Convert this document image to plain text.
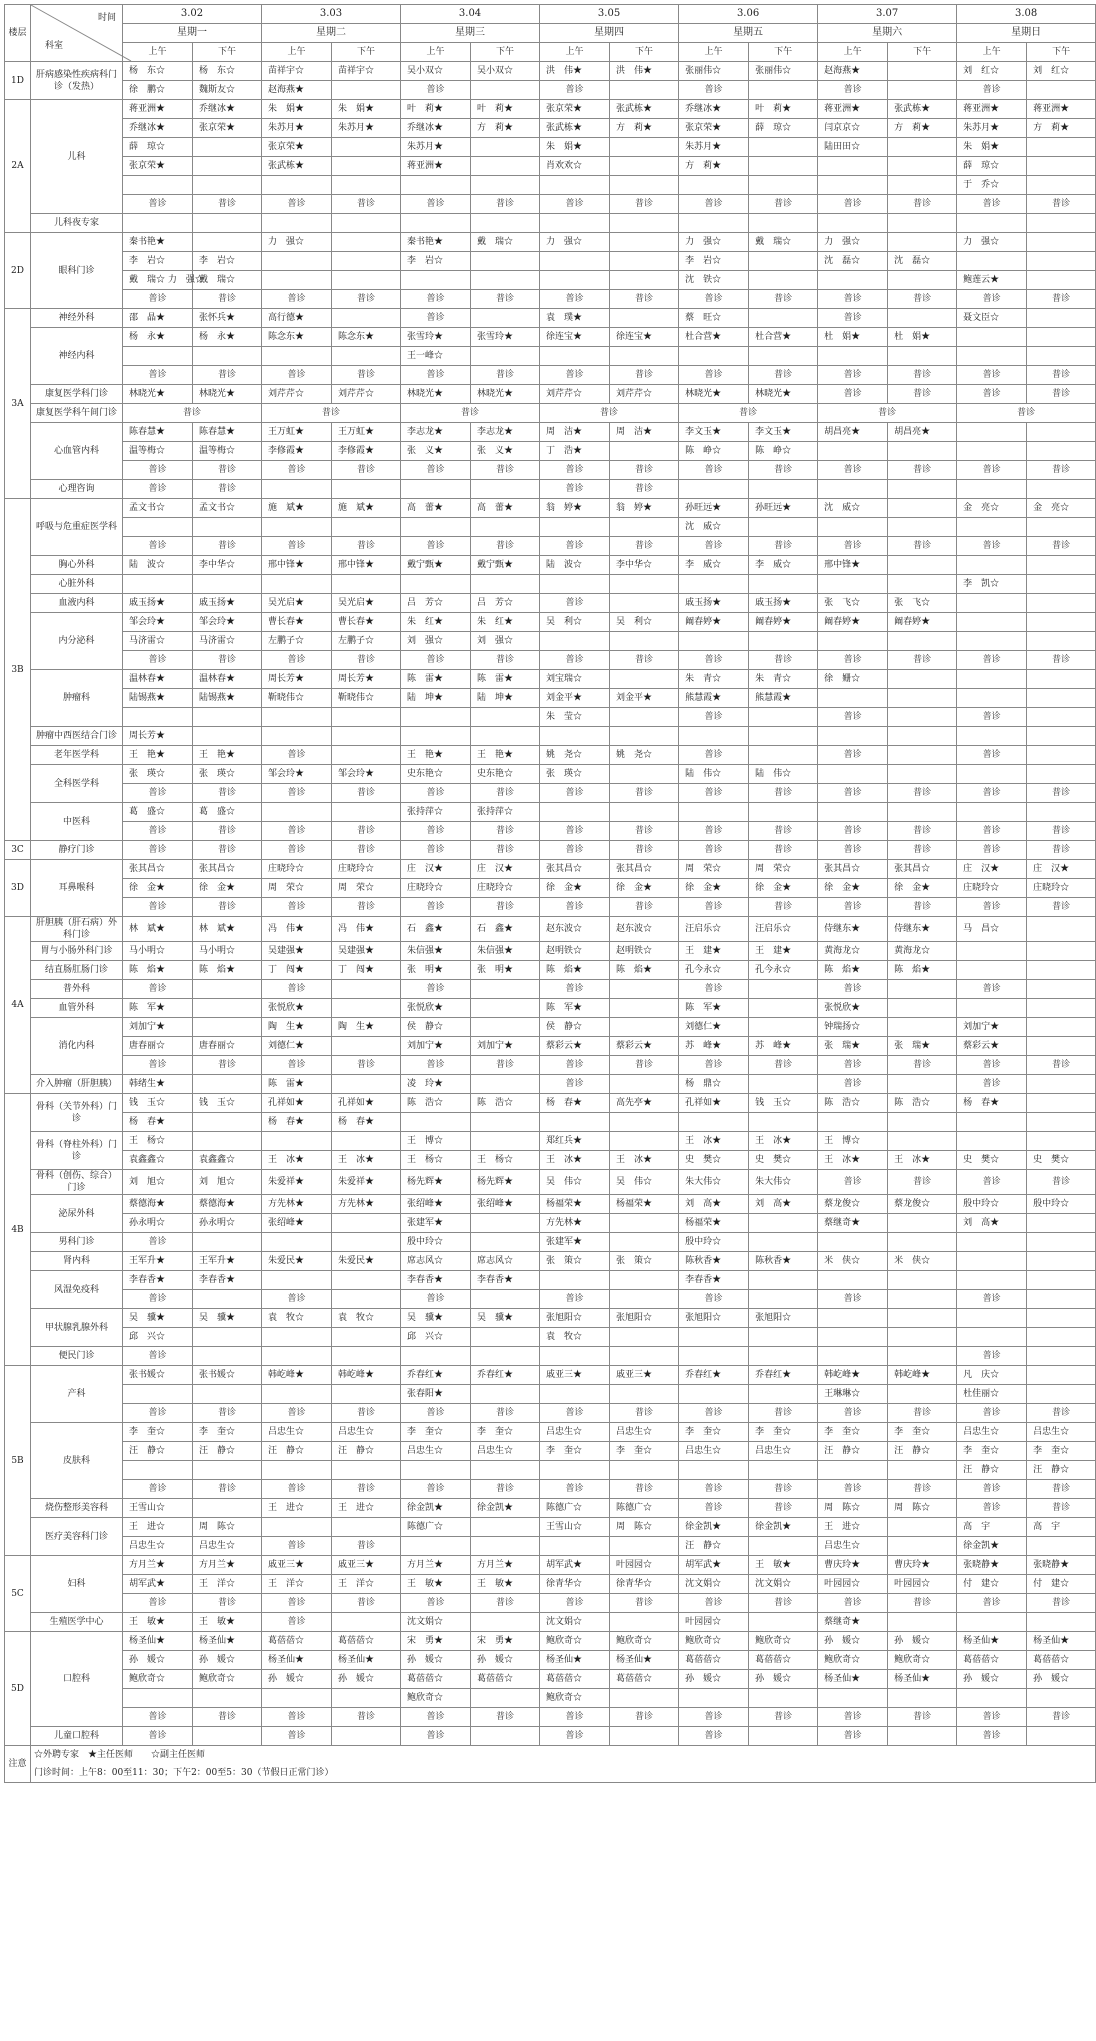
楼层	时间
科室	3.02		3.03		3.04		3.05		3.06		3.07		3.08	
		星期一		星期二		星期三		星期四		星期五		星期六		星期日	
		上午	下午	上午	下午	上午	下午	上午	下午	上午	下午	上午	下午	上午	下午
1D	肝病感染性疾病科门诊（发热）	杨　东☆	杨　东☆	苗祥宇☆	苗祥宇☆	吴小双☆	吴小双☆	洪　伟★	洪　伟★	张丽伟☆	张丽伟☆	赵海燕★		刘　红☆	刘　红☆
		徐　鹏☆	魏斯友☆	赵海燕★		普诊		普诊		普诊		普诊		普诊	
2A	儿科	蒋亚洲★	乔继冰★	朱　娟★	朱　娟★	叶　莉★	叶　莉★	张京荣★	张武栋★	乔继冰★	叶　莉★	蒋亚洲★	张武栋★	蒋亚洲★	蒋亚洲★
		乔继冰★	张京荣★	朱苏月★	朱苏月★	乔继冰★	方　莉★	张武栋★	方　莉★	张京荣★	薛　琼☆	闫京京☆	方　莉★	朱苏月★	方　莉★
		薛　琼☆		张京荣★		朱苏月★		朱　娟★		朱苏月★		陆田田☆		朱　娟★	
		张京荣★		张武栋★		蒋亚洲★		肖欢欢☆		方　莉★				薛　琼☆	
														于　乔☆	
		普诊	普诊	普诊	普诊	普诊	普诊	普诊	普诊	普诊	普诊	普诊	普诊	普诊	普诊
	儿科夜专家														
2D	眼科门诊	秦书艳★		力　强☆		秦书艳★	戴　瑞☆	力　强☆		力　强☆	戴　瑞☆	力　强☆		力　强☆	
		李　岩☆	李　岩☆			李　岩☆				李　岩☆		沈　磊☆	沈　磊☆		
		戴　瑞☆ 力　强☆	戴　瑞☆							沈　铁☆				鲍莲云★	
		普诊	普诊	普诊	普诊	普诊	普诊	普诊	普诊	普诊	普诊	普诊	普诊	普诊	普诊
3A	神经外科	邵　晶★	张怀兵★	高行德★		普诊		袁　璞★		蔡　旺☆		普诊		聂文臣☆	
	神经内科	杨　永★	杨　永★	陈念东★	陈念东★	张雪玲★	张雪玲★	徐连宝★	徐连宝★	杜合营★	杜合营★	杜　娟★	杜　娟★		
						王一峰☆									
		普诊	普诊	普诊	普诊	普诊	普诊	普诊	普诊	普诊	普诊	普诊	普诊	普诊	普诊
	康复医学科门诊	林晓光★	林晓光★	刘芹芹☆	刘芹芹☆	林晓光★	林晓光★	刘芹芹☆	刘芹芹☆	林晓光★	林晓光★	普诊	普诊	普诊	普诊
	康复医学科午间门诊	普诊		普诊		普诊		普诊		普诊		普诊		普诊	
	心血管内科	陈春慧★	陈春慧★	王万虹★	王万虹★	李志龙★	李志龙★	周　洁★	周　洁★	李文玉★	李文玉★	胡昌亮★	胡昌亮★		
		温等梅☆	温等梅☆	李修霞★	李修霞★	张　义★	张　义★	丁　浩★		陈　峥☆	陈　峥☆				
		普诊	普诊	普诊	普诊	普诊	普诊	普诊	普诊	普诊	普诊	普诊	普诊	普诊	普诊
	心理咨询	普诊	普诊					普诊	普诊						
3B	呼吸与危重症医学科	孟文书☆	孟文书☆	施　斌★	施　斌★	高　蕾★	高　蕾★	翁　婷★	翁　婷★	孙旺远★	孙旺远★	沈　威☆		金　亮☆	金　亮☆
										沈　威☆					
		普诊	普诊	普诊	普诊	普诊	普诊	普诊	普诊	普诊	普诊	普诊	普诊	普诊	普诊
	胸心外科	陆　波☆	李中华☆	邢中锋★	邢中锋★	戴宁甄★	戴宁甄★	陆　波☆	李中华☆	李　威☆	李　威☆	邢中锋★			
	心脏外科													李　凯☆	
	血液内科	戚玉扬★	戚玉扬★	吴光启★	吴光启★	吕　芳☆	吕　芳☆	普诊		戚玉扬★	戚玉扬★	张　飞☆	张　飞☆		
	内分泌科	邹会玲★	邹会玲★	曹长春★	曹长春★	朱　红★	朱　红★	吴　利☆	吴　利☆	阚春婷★	阚春婷★	阚春婷★	阚春婷★		
		马济雷☆	马济雷☆	左鹏子☆	左鹏子☆	刘　强☆	刘　强☆								
		普诊	普诊	普诊	普诊	普诊	普诊	普诊	普诊	普诊	普诊	普诊	普诊	普诊	普诊
	肿瘤科	温林春★	温林春★	周长芳★	周长芳★	陈　雷★	陈　雷★	刘宝瑞☆		朱　青☆	朱　青☆	徐　姗☆			
		陆锡燕★	陆锡燕★	靳晓伟☆	靳晓伟☆	陆　坤★	陆　坤★	刘金平★	刘金平★	熊慧霞★	熊慧霞★				
								朱　莹☆		普诊		普诊		普诊	
	肿瘤中西医结合门诊	周长芳★													
	老年医学科	王　艳★	王　艳★	普诊		王　艳★	王　艳★	姚　尧☆	姚　尧☆	普诊		普诊		普诊	
	全科医学科	张　瑛☆	张　瑛☆	邹会玲★	邹会玲★	史东艳☆	史东艳☆	张　瑛☆		陆　伟☆	陆　伟☆				
		普诊	普诊	普诊	普诊	普诊	普诊	普诊	普诊	普诊	普诊	普诊	普诊	普诊	普诊
	中医科	葛　盛☆	葛　盛☆			张持萍☆	张持萍☆								
		普诊	普诊	普诊	普诊	普诊	普诊	普诊	普诊	普诊	普诊	普诊	普诊	普诊	普诊
3C	静疗门诊	普诊	普诊	普诊	普诊	普诊	普诊	普诊	普诊	普诊	普诊	普诊	普诊	普诊	普诊
3D	耳鼻喉科	张其昌☆	张其昌☆	庄晓玲☆	庄晓玲☆	庄　汉★	庄　汉★	张其昌☆	张其昌☆	周　荣☆	周　荣☆	张其昌☆	张其昌☆	庄　汉★	庄　汉★
		徐　金★	徐　金★	周　荣☆	周　荣☆	庄晓玲☆	庄晓玲☆	徐　金★	徐　金★	徐　金★	徐　金★	徐　金★	徐　金★	庄晓玲☆	庄晓玲☆
		普诊	普诊	普诊	普诊	普诊	普诊	普诊	普诊	普诊	普诊	普诊	普诊	普诊	普诊
4A	肝胆胰（肝石病）外科门诊	林　斌★	林　斌★	冯　伟★	冯　伟★	石　鑫★	石　鑫★	赵东波☆	赵东波☆	汪启乐☆	汪启乐☆	侍继东★	侍继东★	马　昌☆	
	胃与小肠外科门诊	马小明☆	马小明☆	吴建强★	吴建强★	朱信强★	朱信强★	赵明铁☆	赵明铁☆	王　建★	王　建★	黄海龙☆	黄海龙☆		
	结直肠肛肠门诊	陈　焰★	陈　焰★	丁　闯★	丁　闯★	张　明★	张　明★	陈　焰★	陈　焰★	孔今永☆	孔今永☆	陈　焰★	陈　焰★		
	普外科	普诊		普诊		普诊		普诊		普诊		普诊		普诊	
	血管外科	陈　军★		张悦欣★		张悦欣★		陈　军★		陈　军★		张悦欣★			
	消化内科	刘加宁★		陶　生★	陶　生★	侯　静☆		侯　静☆		刘德仁★		钟瑞扬☆		刘加宁★	
		唐春丽☆	唐春丽☆	刘德仁★		刘加宁★	刘加宁★	蔡彩云★	蔡彩云★	苏　峰★	苏　峰★	张　瑞★	张　瑞★	蔡彩云★	
		普诊	普诊	普诊	普诊	普诊	普诊	普诊	普诊	普诊	普诊	普诊	普诊	普诊	普诊
	介入肿瘤（肝胆胰）	韩绪生★		陈　雷★		凌　玲★		普诊		杨　鼎☆		普诊		普诊	
4B	骨科（关节外科）门诊	钱　玉☆	钱　玉☆	孔祥如★	孔祥如★	陈　浩☆	陈　浩☆	杨　春★	高先亭★	孔祥如★	钱　玉☆	陈　浩☆	陈　浩☆	杨　春★	
		杨　春★		杨　春★	杨　春★										
	骨科（脊柱外科）门诊	王　杨☆				王　博☆		郑红兵★		王　冰★	王　冰★	王　博☆			
		袁鑫鑫☆	袁鑫鑫☆	王　冰★	王　冰★	王　杨☆	王　杨☆	王　冰★	王　冰★	史　樊☆	史　樊☆	王　冰★	王　冰★	史　樊☆	史　樊☆
	骨科（创伤、综合）门诊	刘　旭☆	刘　旭☆	朱爱祥★	朱爱祥★	杨先辉★	杨先辉★	吴　伟☆	吴　伟☆	朱大伟☆	朱大伟☆	普诊	普诊	普诊	普诊
	泌尿外科	蔡德海★	蔡德海★	方先林★	方先林★	张绍峰★	张绍峰★	杨福荣★	杨福荣★	刘　高★	刘　高★	蔡龙俊☆	蔡龙俊☆	殷中玲☆	殷中玲☆
		孙永明☆	孙永明☆	张绍峰★		张建军★		方先林★		杨福荣★		蔡继奇★		刘　高★	
	男科门诊	普诊				殷中玲☆		张建军★		殷中玲☆					
	肾内科	王军升★	王军升★	朱爱民★	朱爱民★	席志风☆	席志风☆	张　策☆	张　策☆	陈秋香★	陈秋香★	米　侠☆	米　侠☆		
	风湿免疫科	李春香★	李春香★			李春香★	李春香★			李春香★					
		普诊		普诊		普诊		普诊		普诊		普诊		普诊	
	甲状腺乳腺外科	吴　骥★	吴　骥★	袁　牧☆	袁　牧☆	吴　骥★	吴　骥★	张旭阳☆	张旭阳☆	张旭阳☆	张旭阳☆				
		邱　兴☆				邱　兴☆		袁　牧☆							
	便民门诊	普诊												普诊	
5B	产科	张书媛☆	张书媛☆	韩屹峰★	韩屹峰★	乔春红★	乔春红★	戚亚三★	戚亚三★	乔春红★	乔春红★	韩屹峰★	韩屹峰★	凡　庆☆	
						张春阳★						王琳琳☆		杜佳丽☆	
		普诊	普诊	普诊	普诊	普诊	普诊	普诊	普诊	普诊	普诊	普诊	普诊	普诊	普诊
	皮肤科	李　奎☆	李　奎☆	吕忠生☆	吕忠生☆	李　奎☆	李　奎☆	吕忠生☆	吕忠生☆	李　奎☆	李　奎☆	李　奎☆	李　奎☆	吕忠生☆	吕忠生☆
		汪　静☆	汪　静☆	汪　静☆	汪　静☆	吕忠生☆	吕忠生☆	李　奎☆	李　奎☆	吕忠生☆	吕忠生☆	汪　静☆	汪　静☆	李　奎☆	李　奎☆
														汪　静☆	汪　静☆
		普诊	普诊	普诊	普诊	普诊	普诊	普诊	普诊	普诊	普诊	普诊	普诊	普诊	普诊
	烧伤整形美容科	王雪山☆		王　进☆	王　进☆	徐金凯★	徐金凯★	陈德广☆	陈德广☆	普诊	普诊	周　陈☆	周　陈☆	普诊	普诊
	医疗美容科门诊	王　进☆	周　陈☆			陈德广☆		王雪山☆	周　陈☆	徐金凯★	徐金凯★	王　进☆		高　宇	高　宇
		吕忠生☆	吕忠生☆	普诊	普诊					汪　静☆		吕忠生☆		徐金凯★	
5C	妇科	方月兰★	方月兰★	戚亚三★	戚亚三★	方月兰★	方月兰★	胡军武★	叶园园☆	胡军武★	王　敏★	曹庆玲★	曹庆玲★	张晓静★	张晓静★
		胡军武★	王　洋☆	王　洋☆	王　洋☆	王　敏★	王　敏★	徐青华☆	徐青华☆	沈文娟☆	沈文娟☆	叶园园☆	叶园园☆	付　建☆	付　建☆
		普诊	普诊	普诊	普诊	普诊	普诊	普诊	普诊	普诊	普诊	普诊	普诊	普诊	普诊
	生殖医学中心	王　敏★	王　敏★	普诊		沈文娟☆		沈文娟☆		叶园园☆		蔡继奇★			
5D	口腔科	杨圣仙★	杨圣仙★	葛蓓蓓☆	葛蓓蓓☆	宋　勇★	宋　勇★	鲍欣奇☆	鲍欣奇☆	鲍欣奇☆	鲍欣奇☆	孙　媛☆	孙　媛☆	杨圣仙★	杨圣仙★
		孙　媛☆	孙　媛☆	杨圣仙★	杨圣仙★	孙　媛☆	孙　媛☆	杨圣仙★	杨圣仙★	葛蓓蓓☆	葛蓓蓓☆	鲍欣奇☆	鲍欣奇☆	葛蓓蓓☆	葛蓓蓓☆
		鲍欣奇☆	鲍欣奇☆	孙　媛☆	孙　媛☆	葛蓓蓓☆	葛蓓蓓☆	葛蓓蓓☆	葛蓓蓓☆	孙　媛☆	孙　媛☆	杨圣仙★	杨圣仙★	孙　媛☆	孙　媛☆
						鲍欣奇☆		鲍欣奇☆							
		普诊	普诊	普诊	普诊	普诊	普诊	普诊	普诊	普诊	普诊	普诊	普诊	普诊	普诊
	儿童口腔科	普诊		普诊		普诊		普诊		普诊		普诊		普诊	
注意	☆外聘专家　★主任医师　　☆副主任医师
门诊时间：上午8：00至11：30；下午2：00至5：30（节假日正常门诊）														
